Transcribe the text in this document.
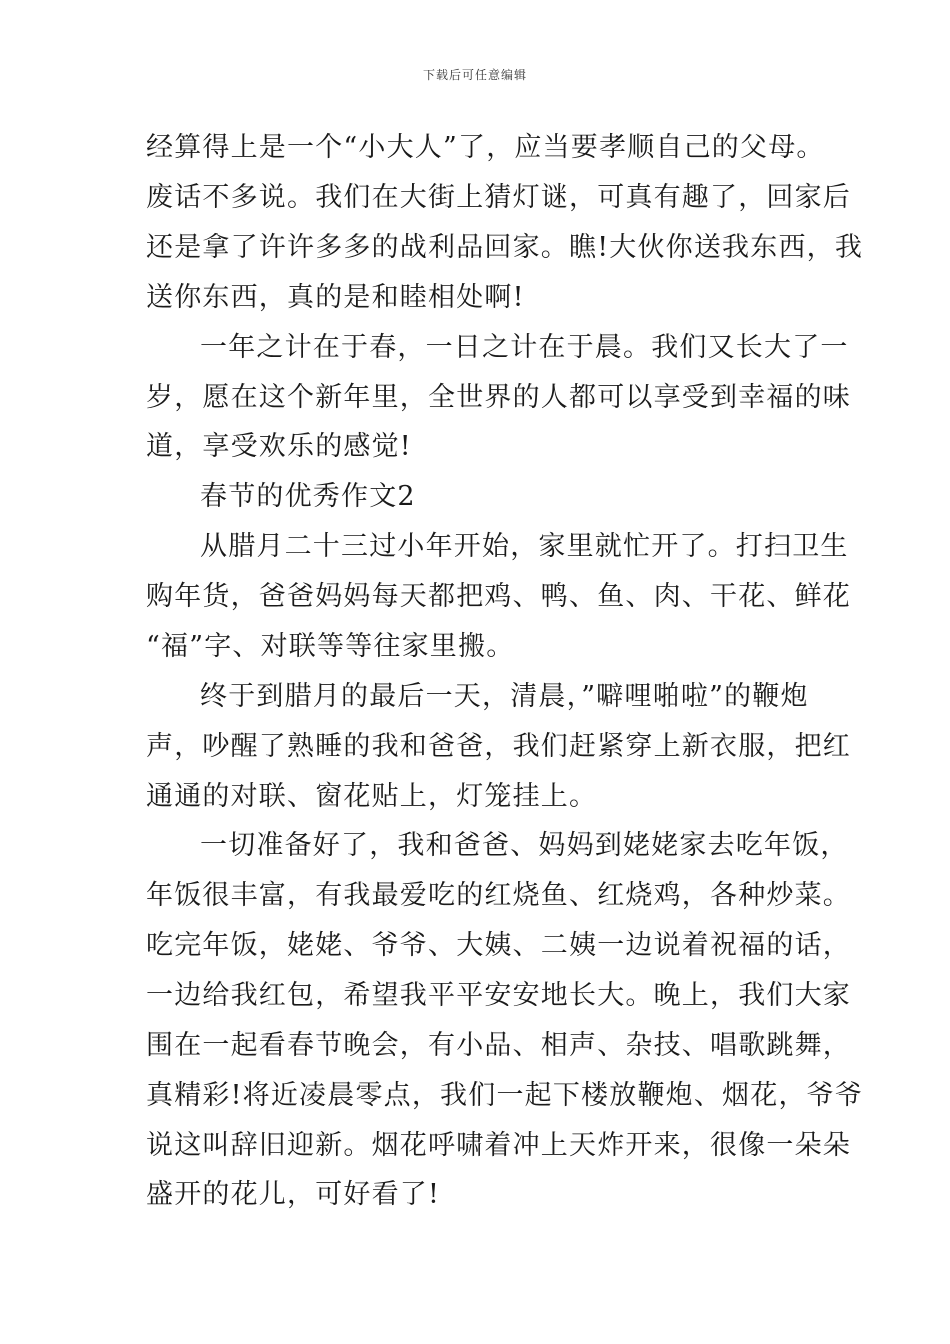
下载后可任意编辑
经算得上是一个“小大人”了，应当要孝顺自己的父母。
废话不多说。我们在大街上猜灯谜，可真有趣了，回家后
还是拿了许许多多的战利品回家。瞧!大伙你送我东西，我
送你东西，真的是和睦相处啊!
一年之计在于春，一日之计在于晨。我们又长大了一
岁，愿在这个新年里，全世界的人都可以享受到幸福的味
道，享受欢乐的感觉!
春节的优秀作文2
从腊月二十三过小年开始，家里就忙开了。打扫卫生
购年货，爸爸妈妈每天都把鸡、鸭、鱼、肉、干花、鲜花
“福”字、对联等等往家里搬。
终于到腊月的最后一天，清晨，”噼哩啪啦”的鞭炮
声，吵醒了熟睡的我和爸爸，我们赶紧穿上新衣服，把红
通通的对联、窗花贴上，灯笼挂上。
一切准备好了，我和爸爸、妈妈到姥姥家去吃年饭，
年饭很丰富，有我最爱吃的红烧鱼、红烧鸡，各种炒菜。
吃完年饭，姥姥、爷爷、大姨、二姨一边说着祝福的话，
一边给我红包，希望我平平安安地长大。晚上，我们大家
围在一起看春节晚会，有小品、相声、杂技、唱歌跳舞，
真精彩!将近凌晨零点，我们一起下楼放鞭炮、烟花，爷爷
说这叫辞旧迎新。烟花呼啸着冲上天炸开来，很像一朵朵
盛开的花儿，可好看了!
